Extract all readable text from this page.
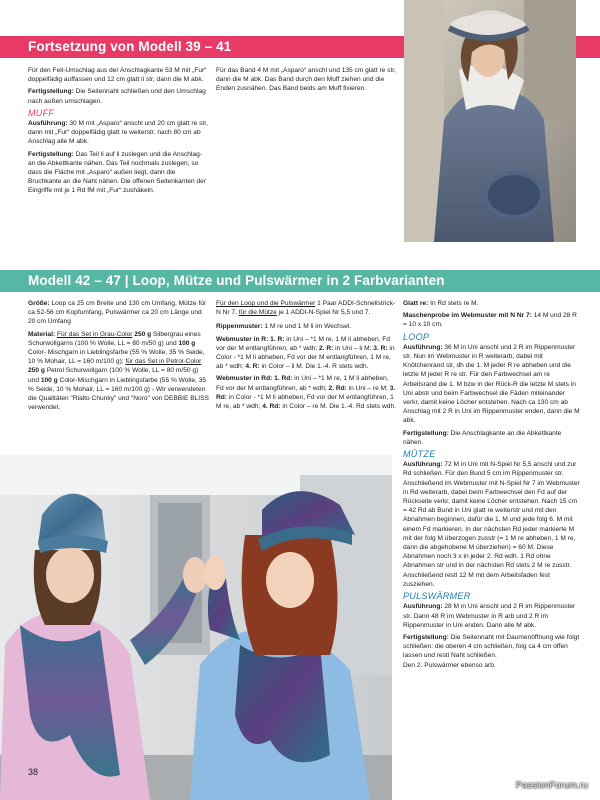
Fortsetzung von Modell 39 – 41

Für den Fell-Umschlag aus der Anschlagkante 53 M mit „Fur“ doppelfädig auffassen und 12 cm glatt li str, dann die M abk.

Fertigstellung: Die Seitennaht schließen und den Umschlag nach außen umschlagen.

MUFF

Ausführung: 30 M mit „Asparo“ anschl und 20 cm glatt re str, dann mit „Fur“ doppelfädig glatt re weiterstr. nach 80 cm ab Anschlag alle M abk.

Fertigstellung: Das Teil li auf li zuslegen und die Anschlag- an die Abkettkante nähen. Das Teil nochmals zuslegen, so dass die Fläche mit „Asparo“ außen liegt, dann die Bruchkante an die Naht nähen. Die offenen Seitenkanten der Eingriffe mit je 1 Rd fM mit „Fur“ zushäkeln.

Für das Band 4 M mit „Asparo“ anschl und 135 cm glatt re str, dann die M abk. Das Band durch den Muff ziehen und die Enden zusnähen. Das Band beids am Muff fixieren.

Modell 42 – 47 | Loop, Mütze und Pulswärmer in 2 Farbvarianten

Größe: Loop ca 25 cm Breite und 130 cm Umfang, Mütze für ca 52-56 cm Kopfumfang, Pulswärmer ca 20 cm Länge und 20 cm Umfang

Material: Für das Set in Grau-Color 250 g Silbergrau eines Schurwollgarns (100 % Wolle, LL = 80 m/50 g) und 100 g Color- Mischgarn in Lieblingsfarbe (55 % Wolle, 35 % Seide, 10 % Mohair, LL = 160 m/100 g); für das Set in Petrol-Color 250 g Petrol Schurwollgarn (100 % Wolle, LL = 80 m/50 g) und 100 g Color-Mischgarn in Lieblingsfarbe (55 % Wolle, 35 % Seide, 10 % Mohair, LL = 160 m/100 g) - Wir verwendeten die Qualitäten "Rialto Chunky" und "Noro" von DEBBIE BLISS verwendet.

Für den Loop und die Pulswärmer 1 Paar ADDI-Schnellstrick-N Nr 7, für die Mütze je 1 ADDI-N-Spiel Nr 5,5 und 7.

Rippenmuster: 1 M re und 1 M li im Wechsel.

Webmuster in R: 1. R: in Uni – *1 M re, 1 M li abheben, Fd vor der M entlangführen, ab * wdh; 2. R: in Uni – li M; 3. R: in Color - *1 M li abheben, Fd vor der M entlangführen, 1 M re, ab * wdh; 4. R: in Color – li M. Die 1.-4. R stets wdh.

Webmuster in Rd: 1. Rd: in Uni – *1 M re, 1 M li abheben, Fd vor der M entlangführen, ab * wdh; 2. Rd: in Uni – re M; 3. Rd: in Color - *1 M li abheben, Fd vor der M entlangführen, 1 M re, ab * wdh; 4. Rd: in Color – re M. Die 1.-4. Rd stets wdh.

Glatt re: In Rd stets re M.

Maschenprobe im Webmuster mit N Nr 7: 14 M und 28 R = 10 x 10 cm.

LOOP

Ausführung: 36 M in Uni anschl und 2 R im Rippenmuster str. Nun im Webmuster in R weiterarb, dabei mit Knötchenrand str, dh die 1. M jeder R re abheben und die letzte M jeder R re str. Für den Farbwechsel am re Arbeitsrand die 1. M bzw in der Rück-R die letzte M stets in Uni abstr und beim Farbwechsel die Fäden miteinander verkr, damit keine Löcher entstehen. Nach ca 130 cm ab Anschlag mit 2 R in Uni im Rippenmuster enden, dann die M abk.

Fertigstellung: Die Anschlagkante an die Abkettkante nähen.

MÜTZE

Ausführung: 72 M in Uni mit N-Spiel Nr 5,5 anschl und zur Rd schließen. Für den Bund 5 cm im Rippenmuster str. Anschließend im Webmuster mit N-Spiel Nr 7 im Webmuster in Rd weiterarb, dabei beim Farbwechsel den Fd auf der Rückseite verkr, damit keine Löcher entstehen. Nach 15 cm = 42 Rd ab Bund in Uni glatt re weiterstr und mit den Abnahmen beginnen, dafür die 1. M und jede folg 6. M mit einem Fd markieren. In der nächsten Rd jeder markierte M mit der folg M überzogen zusstr (= 1 M re abheben, 1 M re, dann die abgehobene M überziehen) = 60 M. Diese Abnahmen noch 3 x in jeder 2. Rd wdh. 1 Rd ohne Abnahmen str und in der nächsten Rd stets 2 M re zusstr. Anschließend restl 12 M mit dem Arbeitsfaden fest zusziehen.

PULSWÄRMER

Ausführung: 28 M in Uni anschl und 2 R im Rippenmuster str. Dann 48 R im Webmuster in R arb und 2 R im Rippenmuster in Uni enden. Dann alle M abk.

Fertigstellung: Die Seitennaht mit Daumenöffnung wie folgt schließen: die oberen 4 cm schließen, folg ca 4 cm offen lassen und restl Naht schließen.

Den 2. Pulswärmer ebenso arb.

38
PassionForum.ru
